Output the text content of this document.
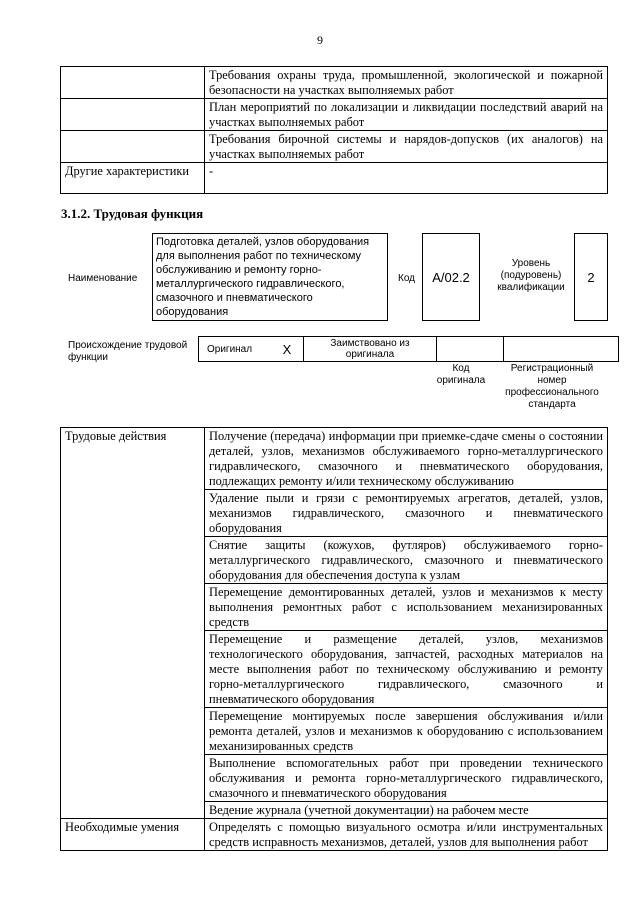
9
	Требования охраны труда, промышленной, экологической и пожарной безопасности на участках выполняемых работ
	План мероприятий по локализации и ликвидации последствий аварий на участках выполняемых работ
	Требования бирочной системы и нарядов-допусков (их аналогов) на участках выполняемых работ
Другие характеристики	-
3.1.2. Трудовая функция
Наименование
Подготовка деталей, узлов оборудования для выполнения работ по техническому обслуживанию и ремонту горно-металлургического гидравлического, смазочного и пневматического оборудования
Код	А/02.2
Уровень (подуровень) квалификации
2
Происхождение трудовой функции
Оригинал	X	Заимствовано из оригинала		
Код оригинала
Регистрационный номер профессионального стандарта
Трудовые действия	Получение (передача) информации при приемке-сдаче смены о состоянии деталей, узлов, механизмов обслуживаемого горно-металлургического гидравлического, смазочного и пневматического оборудования, подлежащих ремонту и/или техническому обслуживанию
	Удаление пыли и грязи с ремонтируемых агрегатов, деталей, узлов, механизмов гидравлического, смазочного и пневматического оборудования
	Снятие защиты (кожухов, футляров) обслуживаемого горно-металлургического гидравлического, смазочного и пневматического оборудования для обеспечения доступа к узлам
	Перемещение демонтированных деталей, узлов и механизмов к месту выполнения ремонтных работ с использованием механизированных средств
	Перемещение и размещение деталей, узлов, механизмов технологического оборудования, запчастей, расходных материалов на месте выполнения работ по техническому обслуживанию и ремонту горно-металлургического гидравлического, смазочного и пневматического оборудования
	Перемещение монтируемых после завершения обслуживания и/или ремонта деталей, узлов и механизмов к оборудованию с использованием механизированных средств
	Выполнение вспомогательных работ при проведении технического обслуживания и ремонта горно-металлургического гидравлического, смазочного и пневматического оборудования
	Ведение журнала (учетной документации) на рабочем месте
Необходимые умения	Определять с помощью визуального осмотра и/или инструментальных средств исправность механизмов, деталей, узлов для выполнения работ
